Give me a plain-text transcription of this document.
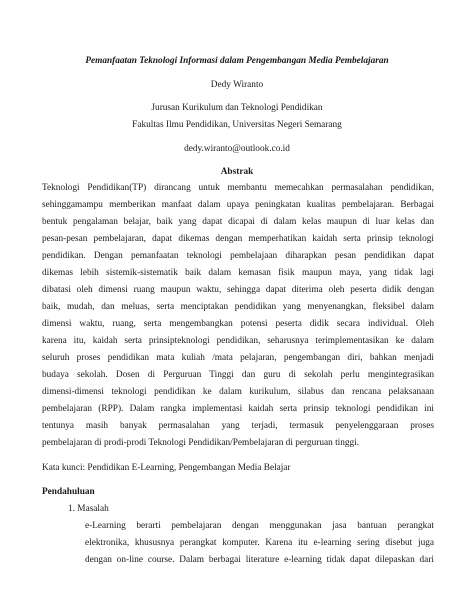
Pemanfaatan Teknologi Informasi dalam Pengembangan Media Pembelajaran
Dedy Wiranto
Jurusan Kurikulum dan Teknologi Pendidikan
Fakultas Ilmu Pendidikan, Universitas Negeri Semarang
dedy.wiranto@outlook.co.id
Abstrak
Teknologi Pendidikan(TP) dirancang untuk membantu memecahkan permasalahan pendidikan,
sehinggamampu memberikan manfaat dalam upaya peningkatan kualitas pembelajaran. Berbagai
bentuk pengalaman belajar, baik yang dapat dicapai di dalam kelas maupun di luar kelas dan
pesan-pesan pembelajaran, dapat dikemas dengan memperhatikan kaidah serta prinsip teknologi
pendidikan. Dengan pemanfaatan teknologi pembelajaan diharapkan pesan pendidikan dapat
dikemas lebih sistemik-sistematik baik dalam kemasan fisik maupun maya, yang tidak lagi
dibatasi oleh dimensi ruang maupun waktu, sehingga dapat diterima oleh peserta didik dengan
baik, mudah, dan meluas, serta menciptakan pendidikan yang menyenangkan, fleksibel dalam
dimensi waktu, ruang, serta mengembangkan potensi peserta didik secara individual. Oleh
karena itu, kaidah serta prinsipteknologi pendidikan, seharusnya terimplementasikan ke dalam
seluruh proses pendidikan mata kuliah /mata pelajaran, pengembangan diri, bahkan menjadi
budaya sekolah. Dosen di Perguruan Tinggi dan guru di sekolah perlu mengintegrasikan
dimensi-dimensi teknologi pendidikan ke dalam kurikulum, silabus dan rencana pelaksanaan
pembelajaran (RPP). Dalam rangka implementasi kaidah serta prinsip teknologi pendidikan ini
tentunya masih banyak permasalahan yang terjadi, termasuk penyelenggaraan proses
pembelajaran di prodi-prodi Teknologi Pendidikan/Pembelajaran di perguruan tinggi.
Kata kunci: Pendidikan E-Learning, Pengembangan Media Belajar
Pendahuluan
1. Masalah
e-Learning berarti pembelajaran dengan menggunakan jasa bantuan perangkat
elektronika, khususnya perangkat komputer. Karena itu e-learning sering disebut juga
dengan on-line course. Dalam berbagai literature e-learning tidak dapat dilepaskan dari
